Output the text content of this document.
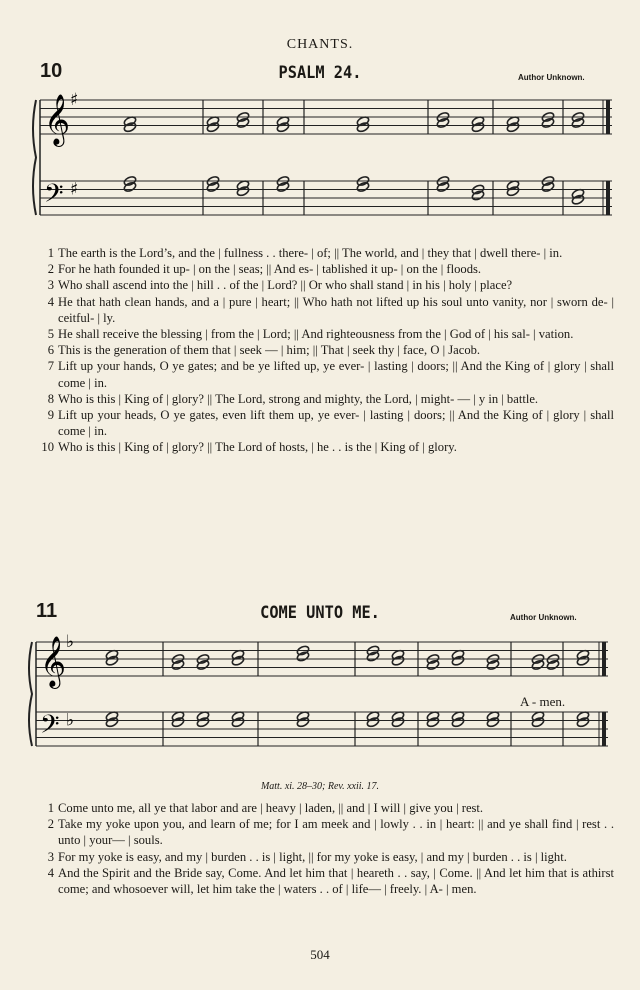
CHANTS.
10	PSALM 24.	Author Unknown.
𝄞
𝄢
♯
♯
𝄞
𝄢
♭
♭
1 The earth is the Lord’s, and the | fullness . . there- | of; || The world, and | they that | dwell there- | in.
2 For he hath founded it up- | on the | seas; || And es- | tablished it up- | on the | floods.
3 Who shall ascend into the | hill . . of the | Lord? || Or who shall stand | in his | holy | place?
4 He that hath clean hands, and a | pure | heart; || Who hath not lifted up his soul unto vanity, nor | sworn de- | ceitful- | ly.
5 He shall receive the blessing | from the | Lord; || And righteousness from the | God of | his sal- | vation.
6 This is the generation of them that | seek — | him; || That | seek thy | face, O | Jacob.
7 Lift up your hands, O ye gates; and be ye lifted up, ye ever- | lasting | doors; || And the King of | glory | shall come | in.
8 Who is this | King of | glory? || The Lord, strong and mighty, the Lord, | might- — | y in | battle.
9 Lift up your heads, O ye gates, even lift them up, ye ever- | lasting | doors; || And the King of | glory | shall come | in.
10 Who is this | King of | glory? || The Lord of hosts, | he . . is the | King of | glory.
11	COME UNTO ME.	Author Unknown.
A - men.
Matt. xi. 28–30; Rev. xxii. 17.
1 Come unto me, all ye that labor and are | heavy | laden, || and | I will | give you | rest.
2 Take my yoke upon you, and learn of me; for I am meek and | lowly . . in | heart: || and ye shall find | rest . . unto | your— | souls.
3 For my yoke is easy, and my | burden . . is | light, || for my yoke is easy, | and my | burden . . is | light.
4 And the Spirit and the Bride say, Come. And let him that | heareth . . say, | Come. || And let him that is athirst come; and whosoever will, let him take the | waters . . of | life— | freely. | A- | men.
504
